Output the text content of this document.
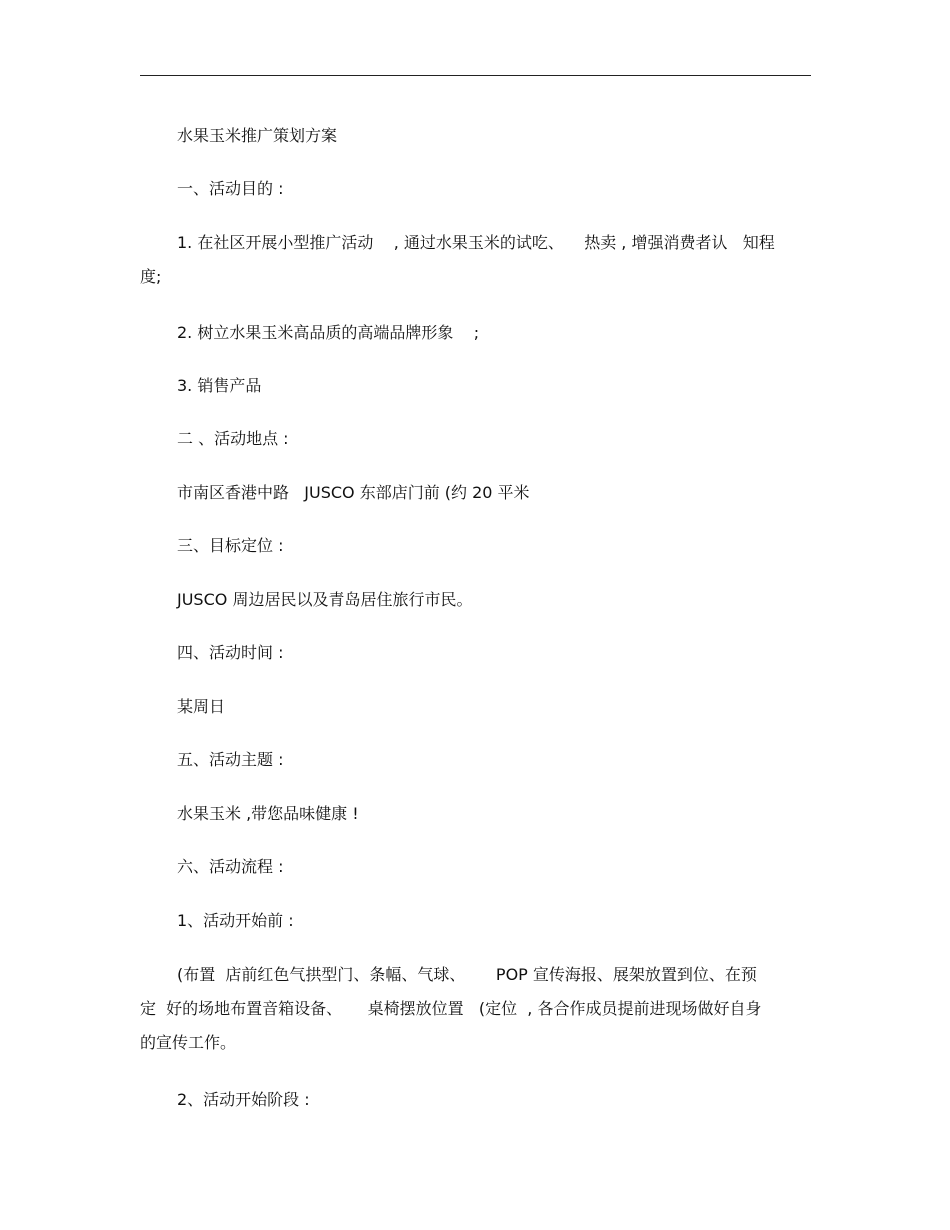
水果玉米推广策划方案
一、活动目的 :
1. 在社区开展小型推广活动    , 通过水果玉米的试吃、    热卖 , 增强消费者认   知程
度;
2. 树立水果玉米高品质的高端品牌形象    ;
3. 销售产品
二 、活动地点 :
市南区香港中路   JUSCO 东部店门前 (约 20 平米
三、目标定位 :
JUSCO 周边居民以及青岛居住旅行市民。
四、活动时间 :
某周日
五、活动主题 :
水果玉米 ,带您品味健康 !
六、活动流程 :
1、活动开始前 :
(布置  店前红色气拱型门、条幅、气球、      POP 宣传海报、展架放置到位、在预
定  好的场地布置音箱设备、     桌椅摆放位置   (定位  , 各合作成员提前进现场做好自身
的宣传工作。
2、活动开始阶段 :
